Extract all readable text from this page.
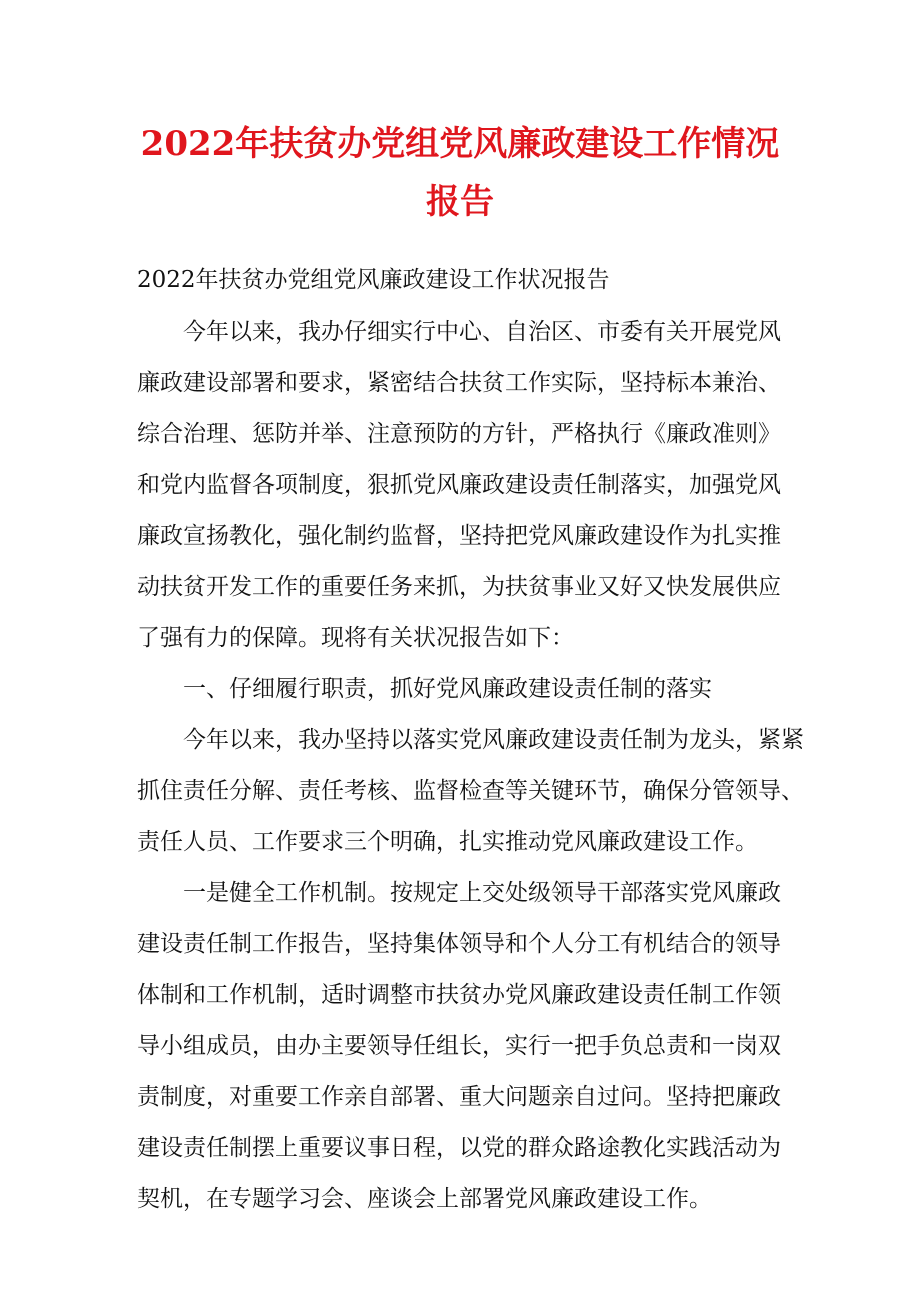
2022年扶贫办党组党风廉政建设工作情况
报告

2022年扶贫办党组党风廉政建设工作状况报告

今年以来，我办仔细实行中心、自治区、市委有关开展党风

廉政建设部署和要求，紧密结合扶贫工作实际，坚持标本兼治、

综合治理、惩防并举、注意预防的方针，严格执行《廉政准则》

和党内监督各项制度，狠抓党风廉政建设责任制落实，加强党风

廉政宣扬教化，强化制约监督，坚持把党风廉政建设作为扎实推

动扶贫开发工作的重要任务来抓，为扶贫事业又好又快发展供应

了强有力的保障。现将有关状况报告如下：

一、仔细履行职责，抓好党风廉政建设责任制的落实

今年以来，我办坚持以落实党风廉政建设责任制为龙头，紧紧

抓住责任分解、责任考核、监督检查等关键环节，确保分管领导、

责任人员、工作要求三个明确，扎实推动党风廉政建设工作。

一是健全工作机制。按规定上交处级领导干部落实党风廉政

建设责任制工作报告，坚持集体领导和个人分工有机结合的领导

体制和工作机制，适时调整市扶贫办党风廉政建设责任制工作领

导小组成员，由办主要领导任组长，实行一把手负总责和一岗双

责制度，对重要工作亲自部署、重大问题亲自过问。坚持把廉政

建设责任制摆上重要议事日程，以党的群众路途教化实践活动为

契机，在专题学习会、座谈会上部署党风廉政建设工作。
